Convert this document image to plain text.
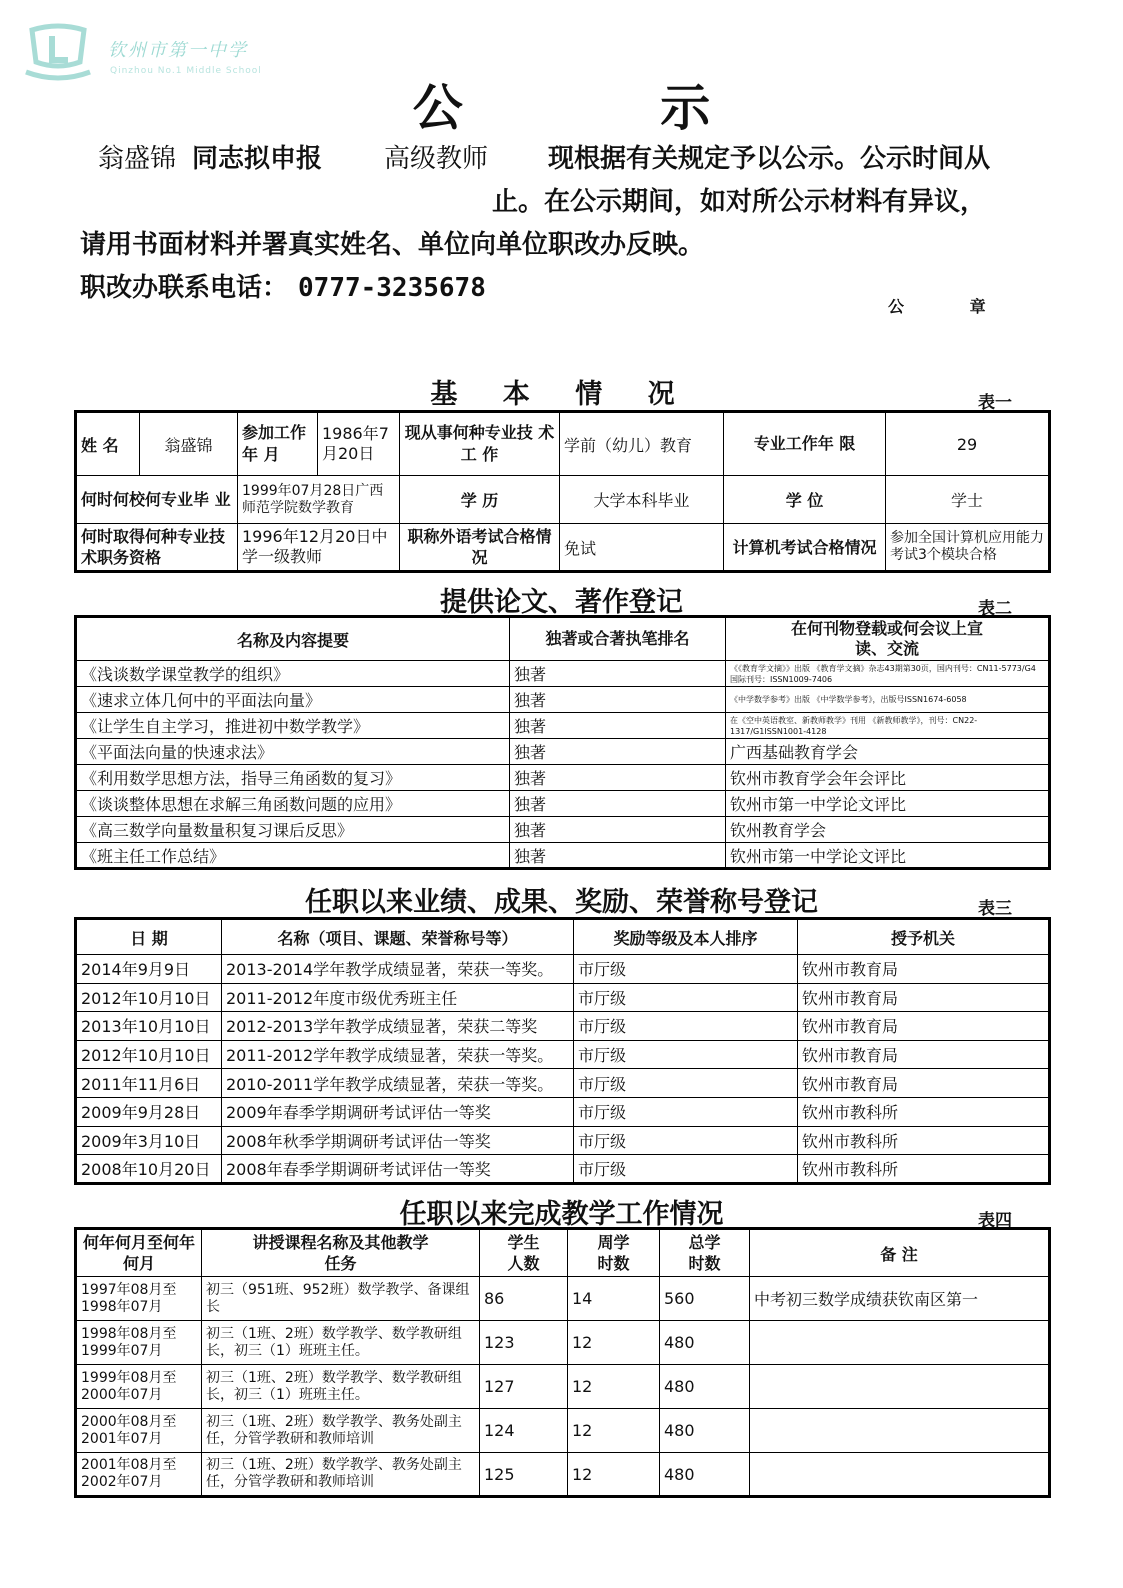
钦州市第一中学
Qinzhou No.1 Middle School
公 示
翁盛锦 同志拟申报 高级教师 现根据有关规定予以公示。公示时间从
止。在公示期间，如对所公示材料有异议，
请用书面材料并署真实姓名、单位向单位职改办反映。
职改办联系电话： 0777-3235678
公 章
基 本 情 况	表一
姓 名	翁盛锦	参加工作年 月	1986年7月20日	现从事何种专业技 术 工 作	学前（幼儿）教育	专业工作年 限	29
何时何校何专业毕 业		1999年07月28日广西师范学院数学教育		学 历	大学本科毕业	学 位	学士
何时取得何种专业技术职务资格		1996年12月20日中学一级教师		职称外语考试合格情况	免试	计算机考试合格情况	参加全国计算机应用能力考试3个模块合格
提供论文、著作登记	表二
名称及内容提要	独著或合著执笔排名	在何刊物登载或何会议上宣读、交流
《浅谈数学课堂教学的组织》	独著	《《教育学文摘》》出版 《教育学文摘》杂志43期第30页，国内刊号：CN11-5773/G4 国际刊号：ISSN1009-7406
《速求立体几何中的平面法向量》	独著	《中学数学参考》出版 《中学数学参考》，出版号ISSN1674-6058
《让学生自主学习，推进初中数学教学》	独著	在《空中英语教室、新教师教学》刊用 《新教师教学》，刊号：CN22-1317/G1ISSN1001-4128
《平面法向量的快速求法》	独著	广西基础教育学会
《利用数学思想方法，指导三角函数的复习》	独著	钦州市教育学会年会评比
《谈谈整体思想在求解三角函数问题的应用》	独著	钦州市第一中学论文评比
《高三数学向量数量积复习课后反思》	独著	钦州教育学会
《班主任工作总结》	独著	钦州市第一中学论文评比
任职以来业绩、成果、奖励、荣誉称号登记	表三
日 期	名称（项目、课题、荣誉称号等）	奖励等级及本人排序	授予机关
2014年9月9日	2013-2014学年教学成绩显著，荣获一等奖。	市厅级	钦州市教育局
2012年10月10日	2011-2012年度市级优秀班主任	市厅级	钦州市教育局
2013年10月10日	2012-2013学年教学成绩显著，荣获二等奖	市厅级	钦州市教育局
2012年10月10日	2011-2012学年教学成绩显著，荣获一等奖。	市厅级	钦州市教育局
2011年11月6日	2010-2011学年教学成绩显著，荣获一等奖。	市厅级	钦州市教育局
2009年9月28日	2009年春季学期调研考试评估一等奖	市厅级	钦州市教科所
2009年3月10日	2008年秋季学期调研考试评估一等奖	市厅级	钦州市教科所
2008年10月20日	2008年春季学期调研考试评估一等奖	市厅级	钦州市教科所
任职以来完成教学工作情况	表四
何年何月至何年何月	讲授课程名称及其他教学任务	学生人数	周学时数	总学时数	备 注
1997年08月至1998年07月	初三（951班、952班）数学教学、备课组长	86	14	560	中考初三数学成绩获钦南区第一
1998年08月至1999年07月	初三（1班、2班）数学教学、数学教研组长，初三（1）班班主任。	123	12	480	
1999年08月至2000年07月	初三（1班、2班）数学教学、数学教研组长，初三（1）班班主任。	127	12	480	
2000年08月至2001年07月	初三（1班、2班）数学教学、教务处副主任，分管学教研和教师培训	124	12	480	
2001年08月至2002年07月	初三（1班、2班）数学教学、教务处副主任，分管学教研和教师培训	125	12	480	
